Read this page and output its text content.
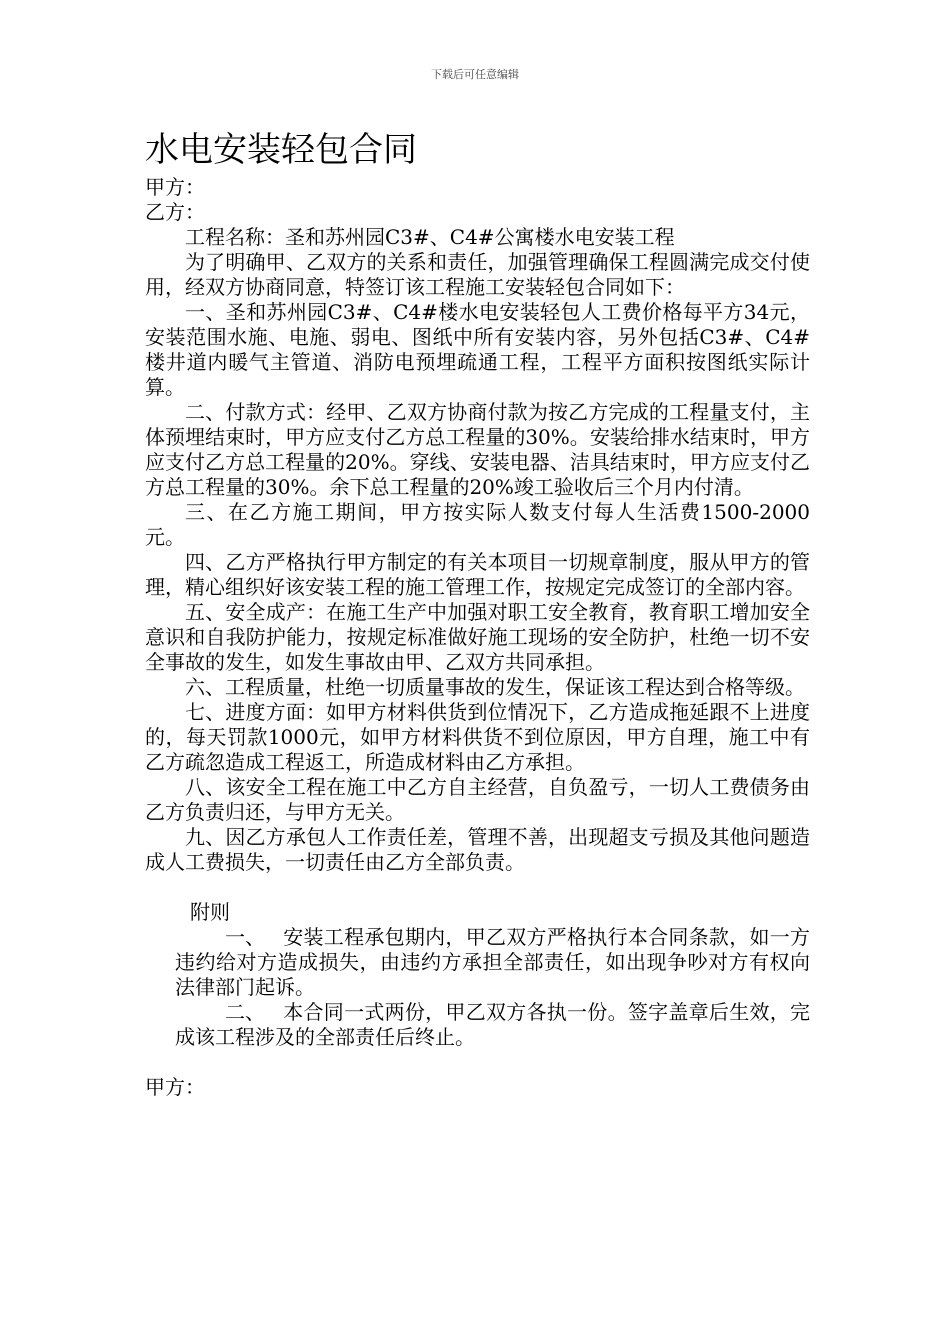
下载后可任意编辑
水电安装轻包合同

甲方：

乙方：

工程名称：圣和苏州园C3#、C4#公寓楼水电安装工程

为了明确甲、乙双方的关系和责任，加强管理确保工程圆满完成交付使用，经双方协商同意，特签订该工程施工安装轻包合同如下：

一、圣和苏州园C3#、C4#楼水电安装轻包人工费价格每平方34元，安装范围水施、电施、弱电、图纸中所有安装内容，另外包括C3#、C4# 楼井道内暖气主管道、消防电预埋疏通工程，工程平方面积按图纸实际计算。

二、付款方式：经甲、乙双方协商付款为按乙方完成的工程量支付，主体预埋结束时，甲方应支付乙方总工程量的30%。安装给排水结束时，甲方应支付乙方总工程量的20%。穿线、安装电器、洁具结束时，甲方应支付乙方总工程量的30%。余下总工程量的20%竣工验收后三个月内付清。

三、在乙方施工期间，甲方按实际人数支付每人生活费1500-2000元。

四、乙方严格执行甲方制定的有关本项目一切规章制度，服从甲方的管理，精心组织好该安装工程的施工管理工作，按规定完成签订的全部内容。

五、安全成产：在施工生产中加强对职工安全教育，教育职工增加安全意识和自我防护能力，按规定标准做好施工现场的安全防护，杜绝一切不安全事故的发生，如发生事故由甲、乙双方共同承担。

六、工程质量，杜绝一切质量事故的发生，保证该工程达到合格等级。

七、进度方面：如甲方材料供货到位情况下，乙方造成拖延跟不上进度的，每天罚款1000元，如甲方材料供货不到位原因，甲方自理，施工中有乙方疏忽造成工程返工，所造成材料由乙方承担。

八、该安全工程在施工中乙方自主经营，自负盈亏，一切人工费债务由乙方负责归还，与甲方无关。

九、因乙方承包人工作责任差，管理不善，出现超支亏损及其他问题造成人工费损失，一切责任由乙方全部负责。

附则

一、 安装工程承包期内，甲乙双方严格执行本合同条款，如一方违约给对方造成损失，由违约方承担全部责任，如出现争吵对方有权向法律部门起诉。

二、 本合同一式两份，甲乙双方各执一份。签字盖章后生效，完成该工程涉及的全部责任后终止。

甲方：
